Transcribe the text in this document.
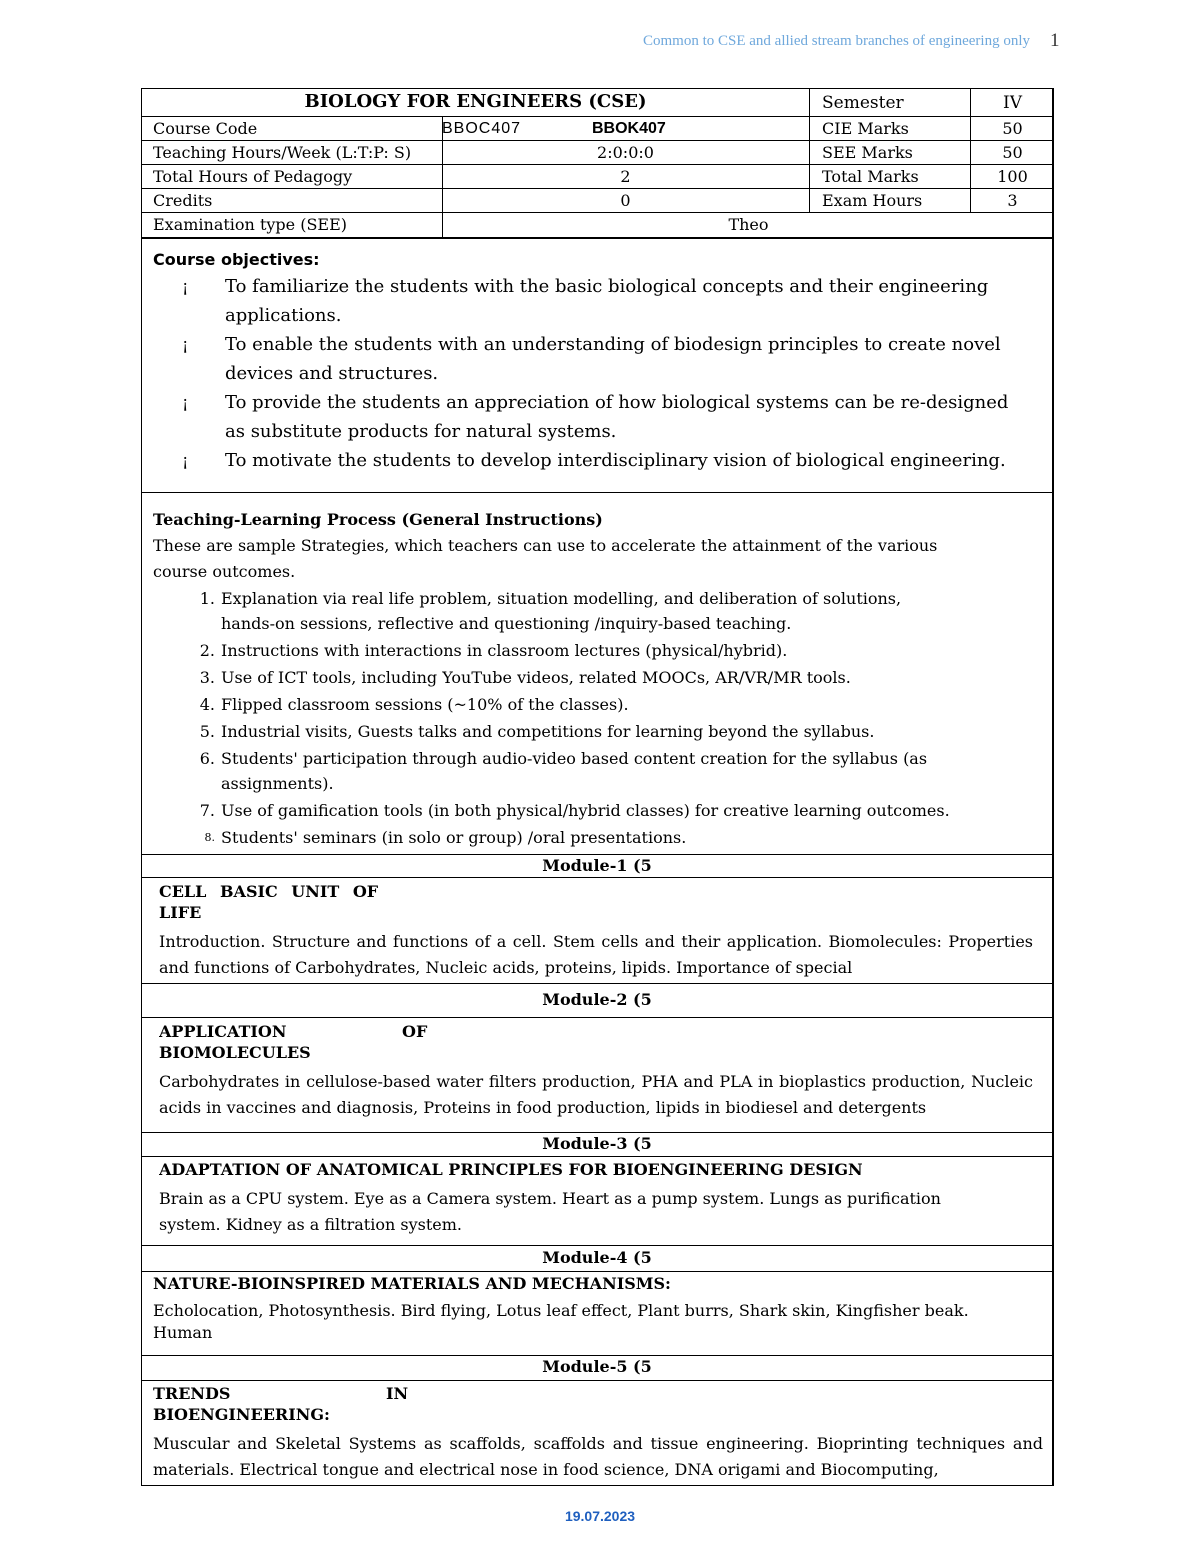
Common to CSE and allied stream branches of engineering only 1
BIOLOGY FOR ENGINEERS (CSE)	Semester	IV
Course Code	BBOC407	BBOK407	CIE Marks	50
Teaching Hours/Week (L:T:P: S)	2:0:0:0	SEE Marks	50
Total Hours of Pedagogy	2	Total Marks	100
Credits	0	Exam Hours	3
Examination type (SEE)	Theo
Course objectives:
¡ To familiarize the students with the basic biological concepts and their engineering applications.
¡ To enable the students with an understanding of biodesign principles to create novel devices and structures.
¡ To provide the students an appreciation of how biological systems can be re-designed as substitute products for natural systems.
¡ To motivate the students to develop interdisciplinary vision of biological engineering.
Teaching-Learning Process (General Instructions)
These are sample Strategies, which teachers can use to accelerate the attainment of the various course outcomes.
1. Explanation via real life problem, situation modelling, and deliberation of solutions, hands-on sessions, reflective and questioning /inquiry-based teaching.
2. Instructions with interactions in classroom lectures (physical/hybrid).
3. Use of ICT tools, including YouTube videos, related MOOCs, AR/VR/MR tools.
4. Flipped classroom sessions (~10% of the classes).
5. Industrial visits, Guests talks and competitions for learning beyond the syllabus.
6. Students' participation through audio-video based content creation for the syllabus (as assignments).
7. Use of gamification tools (in both physical/hybrid classes) for creative learning outcomes.
8. Students' seminars (in solo or group) /oral presentations.
Module-1 (5
CELL BASIC UNIT OF LIFE
Introduction. Structure and functions of a cell. Stem cells and their application. Biomolecules: Properties and functions of Carbohydrates, Nucleic acids, proteins, lipids. Importance of special
Module-2 (5
APPLICATION OF BIOMOLECULES
Carbohydrates in cellulose-based water filters production, PHA and PLA in bioplastics production, Nucleic acids in vaccines and diagnosis, Proteins in food production, lipids in biodiesel and detergents
Module-3 (5
ADAPTATION OF ANATOMICAL PRINCIPLES FOR BIOENGINEERING DESIGN
Brain as a CPU system. Eye as a Camera system. Heart as a pump system. Lungs as purification system. Kidney as a filtration system.
Module-4 (5
NATURE-BIOINSPIRED MATERIALS AND MECHANISMS:
Echolocation, Photosynthesis. Bird flying, Lotus leaf effect, Plant burrs, Shark skin, Kingfisher beak. Human
Module-5 (5
TRENDS IN BIOENGINEERING:
Muscular and Skeletal Systems as scaffolds, scaffolds and tissue engineering. Bioprinting techniques and materials. Electrical tongue and electrical nose in food science, DNA origami and Biocomputing,
19.07.2023
